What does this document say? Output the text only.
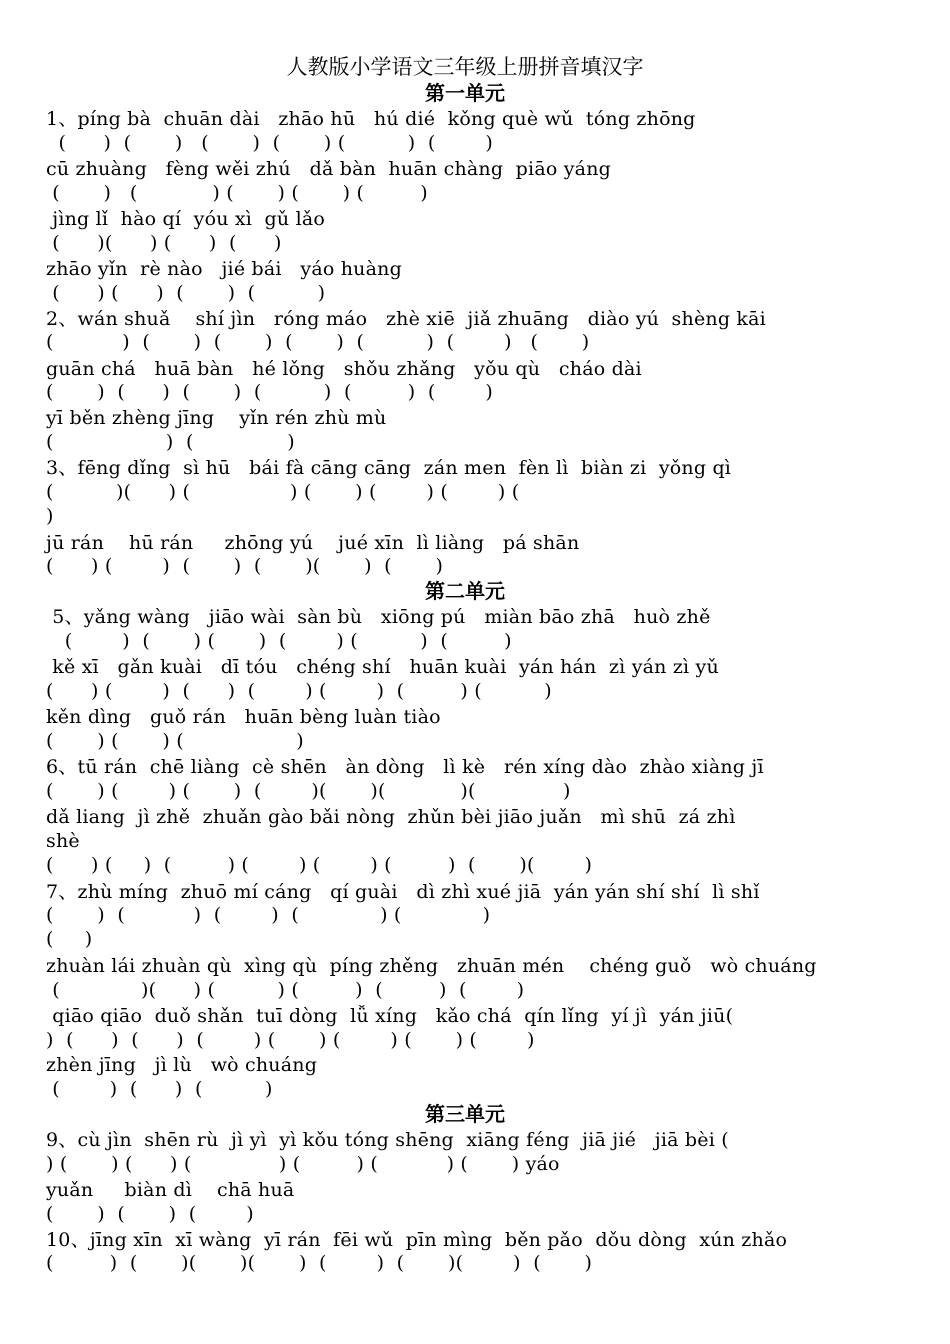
人教版小学语文三年级上册拼音填汉字
第一单元
第二单元
第三单元
1、píng bà  chuān dài   zhāo hū   hú dié  kǒng què wǔ  tóng zhōng
(      )  (       )   (       )  (       ) (          )  (        )
cū zhuàng   fèng wěi zhú   dǎ bàn  huān chàng  piāo yáng
(       )   (            ) (       ) (       ) (         )
jìng lǐ  hào qí  yóu xì  gǔ lǎo
(      )(      ) (      )  (      )
zhāo yǐn  rè nào   jié bái   yáo huàng
(      ) (      )  (       )  (          )
2、wán shuǎ    shí jìn   róng máo   zhè xiē  jiǎ zhuāng   diào yú  shèng kāi
(           )  (       )  (       )  (       )  (          )  (        )   (       )
guān chá   huā bàn   hé lǒng   shǒu zhǎng   yǒu qù   cháo dài
(       )  (      )  (       )  (          )  (         )  (        )
yī běn zhèng jīng    yǐn rén zhù mù
(                  )  (               )
3、fēng dǐng  sì hū   bái fà cāng cāng  zán men  fèn lì  biàn zi  yǒng qì
(          )(      ) (                ) (       ) (        ) (        ) (
)
jū rán    hū rán     zhōng yú    jué xīn  lì liàng   pá shān
(      ) (        )  (       )  (       )(       )  (       )
5、yǎng wàng   jiāo wài  sàn bù   xiōng pú   miàn bāo zhā   huò zhě
(        )  (       ) (       )  (        ) (          )  (         )
kě xī   gǎn kuài   dī tóu   chéng shí   huān kuài  yán hán  zì yán zì yǔ
(      ) (        )  (      )  (        ) (        )  (         ) (          )
kěn dìng   guǒ rán   huān bèng luàn tiào
(       ) (       ) (                  )
6、tū rán  chē liàng  cè shēn   àn dòng   lì kè   rén xíng dào  zhào xiàng jī
(       ) (        ) (       )  (        )(       )(            )(              )
dǎ liang  jì zhě  zhuǎn gào bǎi nòng  zhǔn bèi jiāo juǎn   mì shū  zá zhì
shè
(      ) (     )  (         ) (        ) (        ) (         )  (       )(        )
7、zhù míng  zhuō mí cáng   qí guài   dì zhì xué jiā  yán yán shí shí  lì shǐ
(       )  (           )  (        )  (             ) (             )
(     )
zhuàn lái zhuàn qù  xìng qù  píng zhěng   zhuān mén    chéng guǒ   wò chuáng
(             )(      ) (          ) (         )  (         )  (        )
qiāo qiāo  duǒ shǎn  tuī dòng  lǚ xíng   kǎo chá  qín lǐng  yí jì  yán jiū(
)  (      )  (      )  (        ) (       ) (        ) (       ) (        )
zhèn jīng   jì lù   wò chuáng
(        )  (      )  (          )
9、cù jìn  shēn rù  jì yì  yì kǒu tóng shēng  xiāng féng  jiā jié   jiā bèi (
) (       ) (      ) (              ) (         ) (           ) (       ) yáo
yuǎn     biàn dì    chā huā
(       )  (       )  (        )
10、jīng xīn  xī wàng  yī rán  fēi wǔ  pīn mìng  běn pǎo  dǒu dòng  xún zhǎo
(         )  (       )(       )(       )  (        )  (       )(        )  (       )
